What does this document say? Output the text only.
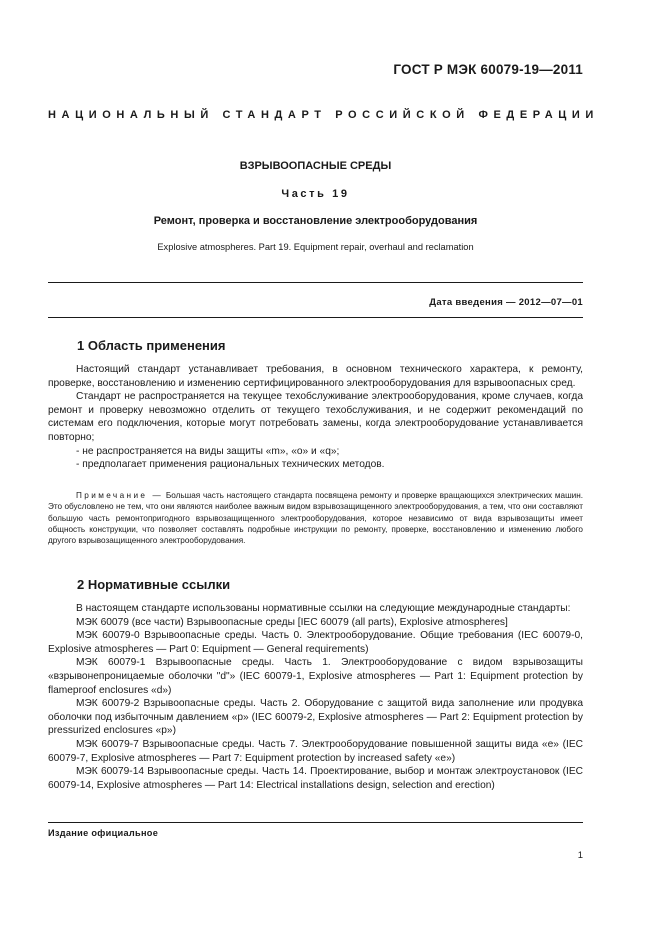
ГОСТ Р МЭК 60079-19—2011
НАЦИОНАЛЬНЫЙ СТАНДАРТ РОССИЙСКОЙ ФЕДЕРАЦИИ
ВЗРЫВООПАСНЫЕ СРЕДЫ
Часть 19
Ремонт, проверка и восстановление электрооборудования
Explosive atmospheres. Part 19. Equipment repair, overhaul and reclamation
Дата введения — 2012—07—01
1 Область применения

Настоящий стандарт устанавливает требования, в основном технического характера, к ремонту, проверке, восстановлению и изменению сертифицированного электрооборудования для взрывоопасных сред.

Стандарт не распространяется на текущее техобслуживание электрооборудования, кроме случаев, когда ремонт и проверку невозможно отделить от текущего техобслуживания, и не содержит рекомендаций по системам его подключения, которые могут потребовать замены, когда электрооборудование устанавливается повторно;

- не распространяется на виды защиты «m», «o» и «q»;

- предполагает применения рациональных технических методов.

Примечание — Большая часть настоящего стандарта посвящена ремонту и проверке вращающихся электрических машин. Это обусловлено не тем, что они являются наиболее важным видом взрывозащищенного электрооборудования, а тем, что они составляют большую часть ремонтопригодного взрывозащищенного электрооборудования, которое независимо от вида взрывозащиты имеет общность конструкции, что позволяет составлять подробные инструкции по ремонту, проверке, восстановлению и изменению любого другого взрывозащищенного электрооборудования.
2 Нормативные ссылки

В настоящем стандарте использованы нормативные ссылки на следующие международные стандарты:

МЭК 60079 (все части) Взрывоопасные среды [IEC 60079 (all parts), Explosive atmospheres]

МЭК 60079-0 Взрывоопасные среды. Часть 0. Электрооборудование. Общие требования (IEC 60079-0, Explosive atmospheres — Part 0: Equipment — General requirements)

МЭК 60079-1 Взрывоопасные среды. Часть 1. Электрооборудование с видом взрывозащиты «взрывонепроницаемые оболочки "d"» (IEC 60079-1, Explosive atmospheres — Part 1: Equipment protection by flameproof enclosures «d»)

МЭК 60079-2 Взрывоопасные среды. Часть 2. Оборудование с защитой вида заполнение или продувка оболочки под избыточным давлением «p» (IEC 60079-2, Explosive atmospheres — Part 2: Equipment protection by pressurized enclosures «p»)

МЭК 60079-7 Взрывоопасные среды. Часть 7. Электрооборудование повышенной защиты вида «e» (IEC 60079-7, Explosive atmospheres — Part 7: Equipment protection by increased safety «e»)

МЭК 60079-14 Взрывоопасные среды. Часть 14. Проектирование, выбор и монтаж электроустановок (IEC 60079-14, Explosive atmospheres — Part 14: Electrical installations design, selection and erection)

Издание официальное
1
